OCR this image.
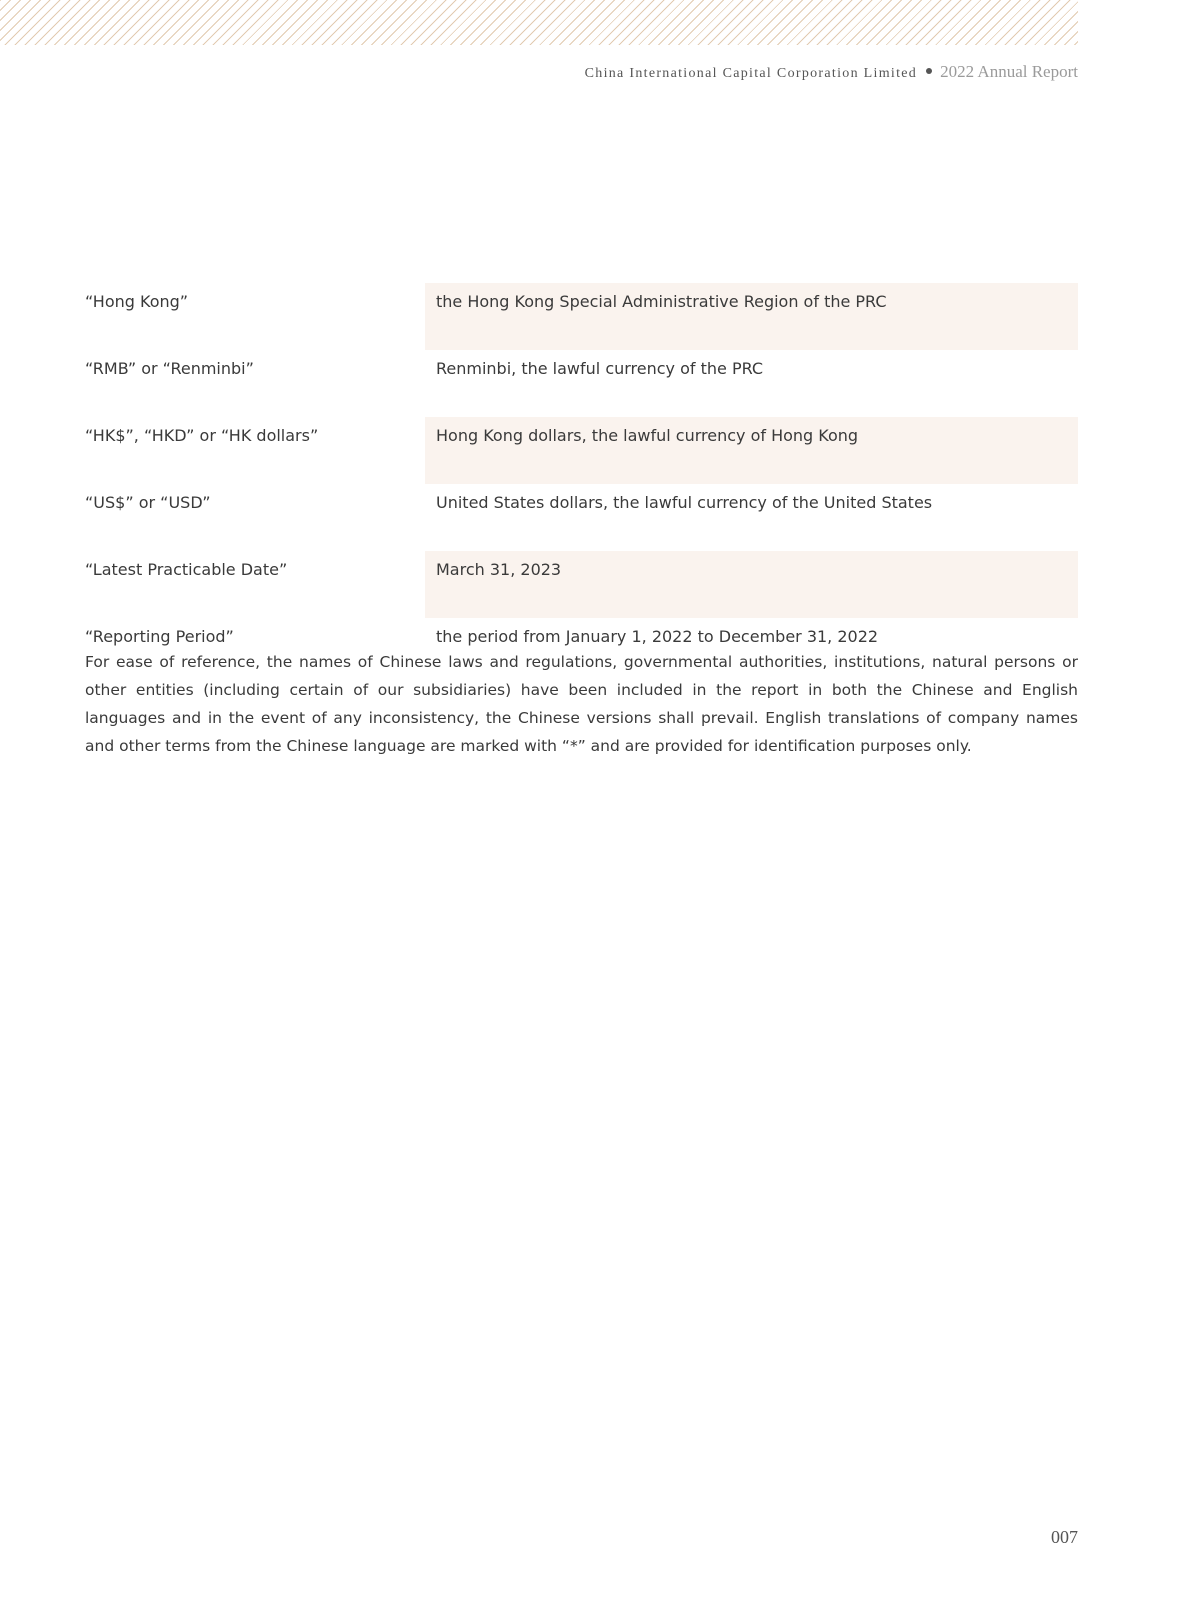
China International Capital Corporation Limited 2022 Annual Report
“Hong Kong”	the Hong Kong Special Administrative Region of the PRC
“RMB” or “Renminbi”	Renminbi, the lawful currency of the PRC
“HK$”, “HKD” or “HK dollars”	Hong Kong dollars, the lawful currency of Hong Kong
“US$” or “USD”	United States dollars, the lawful currency of the United States
“Latest Practicable Date”	March 31, 2023
“Reporting Period”	the period from January 1, 2022 to December 31, 2022

For ease of reference, the names of Chinese laws and regulations, governmental authorities, institutions, natural persons or other entities (including certain of our subsidiaries) have been included in the report in both the Chinese and English languages and in the event of any inconsistency, the Chinese versions shall prevail. English translations of company names and other terms from the Chinese language are marked with “*” and are provided for identification purposes only.

007
